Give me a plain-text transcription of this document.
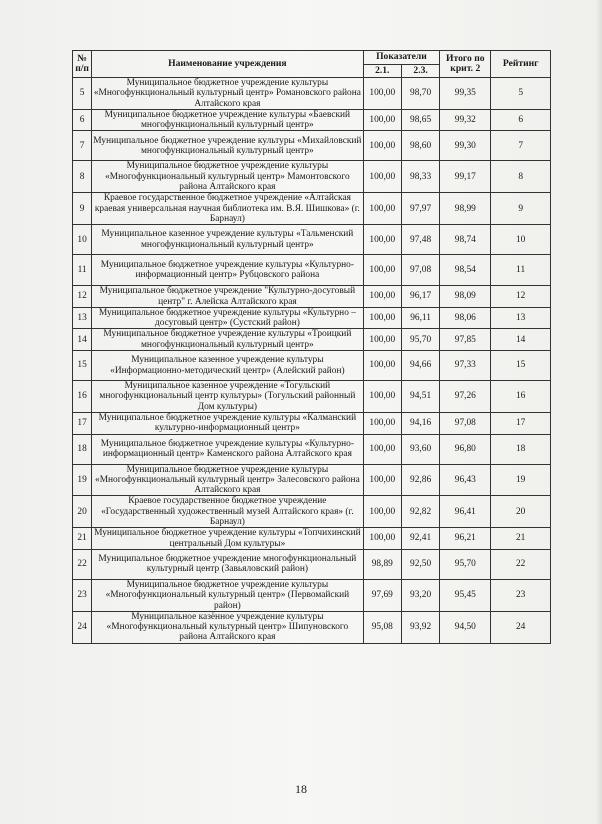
№ п/п	Наименование учреждения	Показатели		Итого по крит. 2	Рейтинг
		2.1.	2.3.		
5	Муниципальное бюджетное учреждение культуры «Многофункциональный культурный центр» Романовского района Алтайского края	100,00	98,70	99,35	5
6	Муниципальное бюджетное учреждение культуры «Баевский многофункциональный культурный центр»	100,00	98,65	99,32	6
7	Муниципальное бюджетное учреждение культуры «Михайловский многофункциональный культурный центр»	100,00	98,60	99,30	7
8	Муниципальное бюджетное учреждение культуры «Многофункциональный культурный центр» Мамонтовского района Алтайского края	100,00	98,33	99,17	8
9	Краевое государственное бюджетное учреждение «Алтайская краевая универсальная научная библиотека им. В.Я. Шишкова» (г. Барнаул)	100,00	97,97	98,99	9
10	Муниципальное казенное учреждение культуры «Тальменский многофункциональный культурный центр»	100,00	97,48	98,74	10
11	Муниципальное бюджетное учреждение культуры «Культурно-информационный центр» Рубцовского района	100,00	97,08	98,54	11
12	Муниципальное бюджетное учреждение "Культурно-досуговый центр" г. Алейска Алтайского края	100,00	96,17	98,09	12
13	Муниципальное бюджетное учреждение культуры «Культурно – досуговый центр» (Сустский район)	100,00	96,11	98,06	13
14	Муниципальное бюджетное учреждение культуры «Троицкий многофункциональный культурный центр»	100,00	95,70	97,85	14
15	Муниципальное казенное учреждение культуры «Информационно-методический центр» (Алейский район)	100,00	94,66	97,33	15
16	Муниципальное казенное учреждение «Тогульский многофункциональный центр культуры» (Тогульский районный Дом культуры)	100,00	94,51	97,26	16
17	Муниципальное бюджетное учреждение культуры «Калманский культурно-информационный центр»	100,00	94,16	97,08	17
18	Муниципальное бюджетное учреждение культуры «Культурно-информационный центр» Каменского района Алтайского края	100,00	93,60	96,80	18
19	Муниципальное бюджетное учреждение культуры «Многофункциональный культурный центр» Залесовского района Алтайского края	100,00	92,86	96,43	19
20	Краевое государственное бюджетное учреждение «Государственный художественный музей Алтайского края» (г. Барнаул)	100,00	92,82	96,41	20
21	Муниципальное бюджетное учреждение культуры «Топчихинский центральный Дом культуры»	100,00	92,41	96,21	21
22	Муниципальное бюджетное учреждение многофункциональный культурный центр (Завьяловский район)	98,89	92,50	95,70	22
23	Муниципальное бюджетное учреждение культуры «Многофункциональный культурный центр» (Первомайский район)	97,69	93,20	95,45	23
24	Муниципальное казённое учреждение культуры «Многофункциональный культурный центр» Шипуновского района Алтайского края	95,08	93,92	94,50	24
18
